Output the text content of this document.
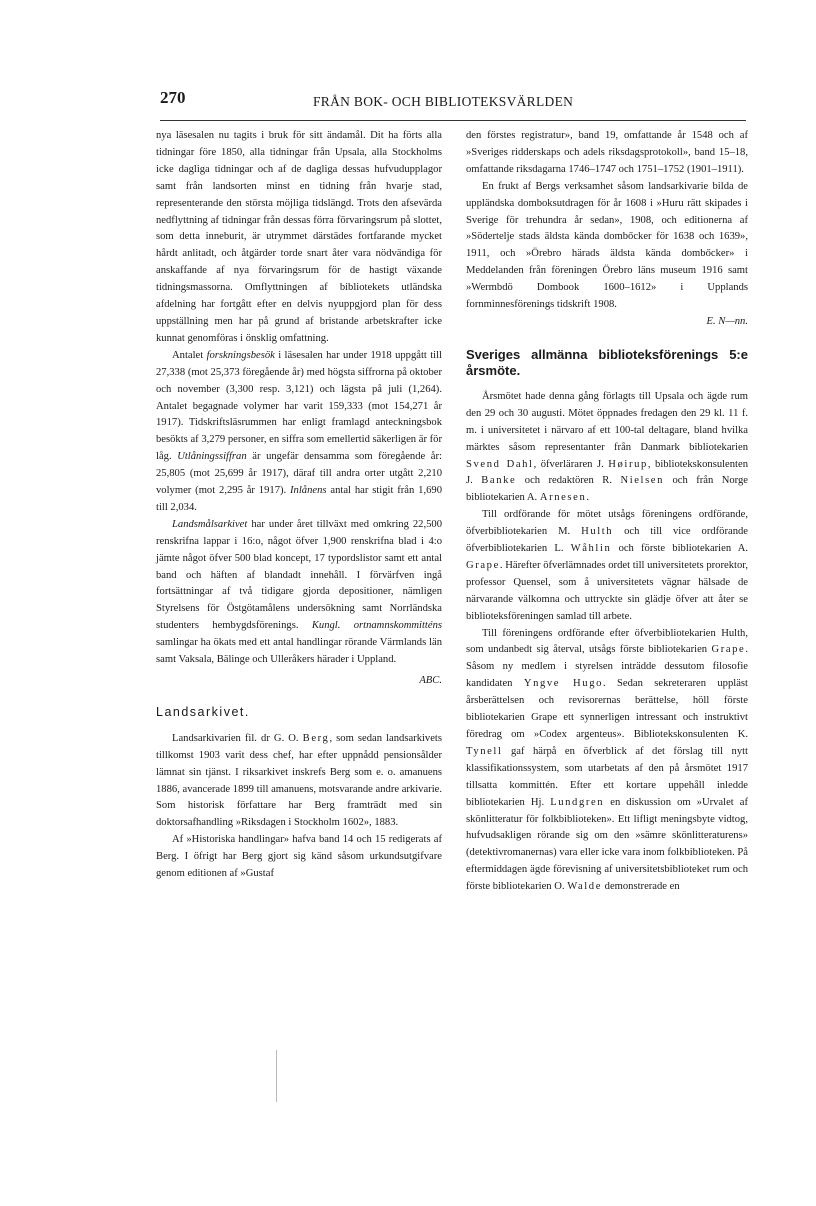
270	FRÅN BOK- OCH BIBLIOTEKSVÄRLDEN

nya läsesalen nu tagits i bruk för sitt ändamål. Dit ha förts alla tidningar före 1850, alla tidningar från Upsala, alla Stockholms icke dagliga tidningar och af de dagliga dessas hufvudupplagor samt från landsorten minst en tidning från hvarje stad, representerande den största möjliga tidslängd. Trots den afsevärda nedflyttning af tidningar från dessas förra förvaringsrum på slottet, som detta inneburit, är utrymmet därstädes fortfarande mycket hårdt anlitadt, och åtgärder torde snart åter vara nödvändiga för anskaffande af nya förvaringsrum för de hastigt växande tidningsmassorna. Omflyttningen af bibliotekets utländska afdelning har fortgått efter en delvis nyuppgjord plan för dess uppställning men har på grund af bristande arbetskrafter icke kunnat genomföras i önsklig omfattning.

Antalet forskningsbesök i läsesalen har under 1918 uppgått till 27,338 (mot 25,373 föregående år) med högsta siffrorna på oktober och november (3,300 resp. 3,121) och lägsta på juli (1,264). Antalet begagnade volymer har varit 159,333 (mot 154,271 år 1917). Tidskriftsläsrummen har enligt framlagd anteckningsbok besökts af 3,279 personer, en siffra som emellertid säkerligen är för låg. Utlåningssiffran är ungefär densamma som föregående år: 25,805 (mot 25,699 år 1917), däraf till andra orter utgått 2,210 volymer (mot 2,295 år 1917). Inlånens antal har stigit från 1,690 till 2,034.

Landsmålsarkivet har under året tillväxt med omkring 22,500 renskrifna lappar i 16:o, något öfver 1,900 renskrifna blad i 4:o jämte något öfver 500 blad koncept, 17 typordslistor samt ett antal band och häften af blandadt innehåll. I förvärfven ingå fortsättningar af två tidigare gjorda depositioner, nämligen Styrelsens för Östgötamålens undersökning samt Norrländska studenters hembygdsförenings. Kungl. ortnamnskommitténs samlingar ha ökats med ett antal handlingar rörande Värmlands län samt Vaksala, Bälinge och Ulleråkers härader i Uppland.

ABC.
Landsarkivet.

Landsarkivarien fil. dr G. O. Berg, som sedan landsarkivets tillkomst 1903 varit dess chef, har efter uppnådd pensionsålder lämnat sin tjänst. I riksarkivet inskrefs Berg som e. o. amanuens 1886, avancerade 1899 till amanuens, motsvarande andre arkivarie. Som historisk författare har Berg framträdt med sin doktorsafhandling »Riksdagen i Stockholm 1602», 1883.

Af »Historiska handlingar» hafva band 14 och 15 redigerats af Berg. I öfrigt har Berg gjort sig känd såsom urkundsutgifvare genom editionen af »Gustaf

den förstes registratur», band 19, omfattande år 1548 och af »Sveriges ridderskaps och adels riksdagsprotokoll», band 15–18, omfattande riksdagarna 1746–1747 och 1751–1752 (1901–1911).

En frukt af Bergs verksamhet såsom landsarkivarie bilda de uppländska domboksutdragen för år 1608 i »Huru rätt skipades i Sverige för trehundra år sedan», 1908, och editionerna af »Södertelje stads äldsta kända dombőcker för 1638 och 1639», 1911, och »Örebro härads äldsta kända dombőcker» i Meddelanden från föreningen Örebro läns museum 1916 samt »Wermbdö Dombook 1600–1612» i Upplands fornminnesförenings tidskrift 1908.

E. N—nn.
Sveriges allmänna biblioteksförenings 5:e årsmöte.

Årsmötet hade denna gång förlagts till Upsala och ägde rum den 29 och 30 augusti. Mötet öppnades fredagen den 29 kl. 11 f. m. i universitetet i närvaro af ett 100-tal deltagare, bland hvilka märktes såsom representanter från Danmark bibliotekarien Svend Dahl, öfverläraren J. Høirup, bibliotekskonsulenten J. Banke och redaktören R. Nielsen och från Norge bibliotekarien A. Arnesen.

Till ordförande för mötet utsågs föreningens ordförande, öfverbibliotekarien M. Hulth och till vice ordförande öfverbibliotekarien L. Wåhlin och förste bibliotekarien A. Grape. Härefter öfverlämnades ordet till universitetets prorektor, professor Quensel, som å universitetets vägnar hälsade de närvarande välkomna och uttryckte sin glädje öfver att åter se biblioteksföreningen samlad till arbete.

Till föreningens ordförande efter öfverbibliotekarien Hulth, som undanbedt sig återval, utsågs förste bibliotekarien Grape. Såsom ny medlem i styrelsen inträdde dessutom filosofie kandidaten Yngve Hugo. Sedan sekreteraren uppläst årsberättelsen och revisorernas berättelse, höll förste bibliotekarien Grape ett synnerligen intressant och instruktivt föredrag om »Codex argenteus». Bibliotekskonsulenten K. Tynell gaf härpå en öfverblick af det förslag till nytt klassifikationssystem, som utarbetats af den på årsmötet 1917 tillsatta kommittén. Efter ett kortare uppehåll inledde bibliotekarien Hj. Lundgren en diskussion om »Urvalet af skönlitteratur för folkbiblioteken». Ett lifligt meningsbyte vidtog, hufvudsakligen rörande sig om den »sämre skönlitteraturens» (detektivromanernas) vara eller icke vara inom folkbiblioteken. På eftermiddagen ägde förevisning af universitetsbiblioteket rum och förste bibliotekarien O. Walde demonstrerade en
